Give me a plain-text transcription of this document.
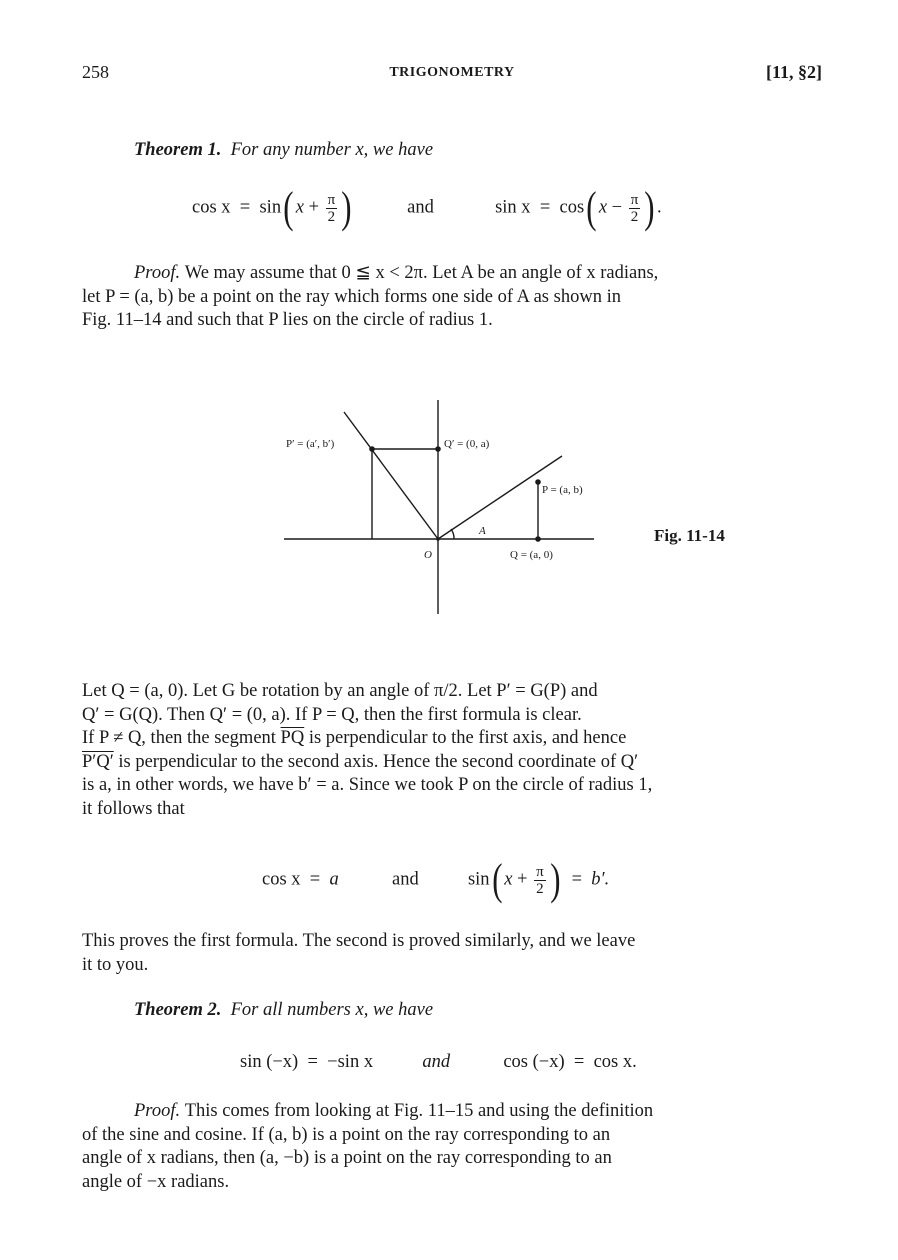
258	TRIGONOMETRY	[11, §2]
Theorem 1. For any number x, we have
cos x = sin( $x + \frac{\pi}{2}$ )	and	sin x = cos( $x - \frac{\pi}{2}$ ) .

Proof. We may assume that 0 ≦ x < 2π. Let A be an angle of x radians,

let P = (a, b) be a point on the ray which forms one side of A as shown in

Fig. 11–14 and such that P lies on the circle of radius 1.

P′ = (a′, b′)	Q′ = (0, a)
P = (a, b)
A
O	Q = (a, 0)
Fig. 11-14

Let Q = (a, 0). Let G be rotation by an angle of π/2. Let P′ = G(P) and

Q′ = G(Q). Then Q′ = (0, a). If P = Q, then the first formula is clear.

If P ≠ Q, then the segment $\overline{PQ}$ is perpendicular to the first axis, and hence

P′Q′ is perpendicular to the second axis. Hence the second coordinate of Q′

is a, in other words, we have b′ = a. Since we took P on the circle of radius 1,

it follows that

cos x = a	and	sin( $x + \frac{\pi}{2}$ ) = b′.

This proves the first formula. The second is proved similarly, and we leave

it to you.

Theorem 2. For all numbers x, we have
sin (−x) = −sin x	and	cos (−x) = cos x.

Proof. This comes from looking at Fig. 11–15 and using the definition

of the sine and cosine. If (a, b) is a point on the ray corresponding to an

angle of x radians, then (a, −b) is a point on the ray corresponding to an

angle of −x radians.
